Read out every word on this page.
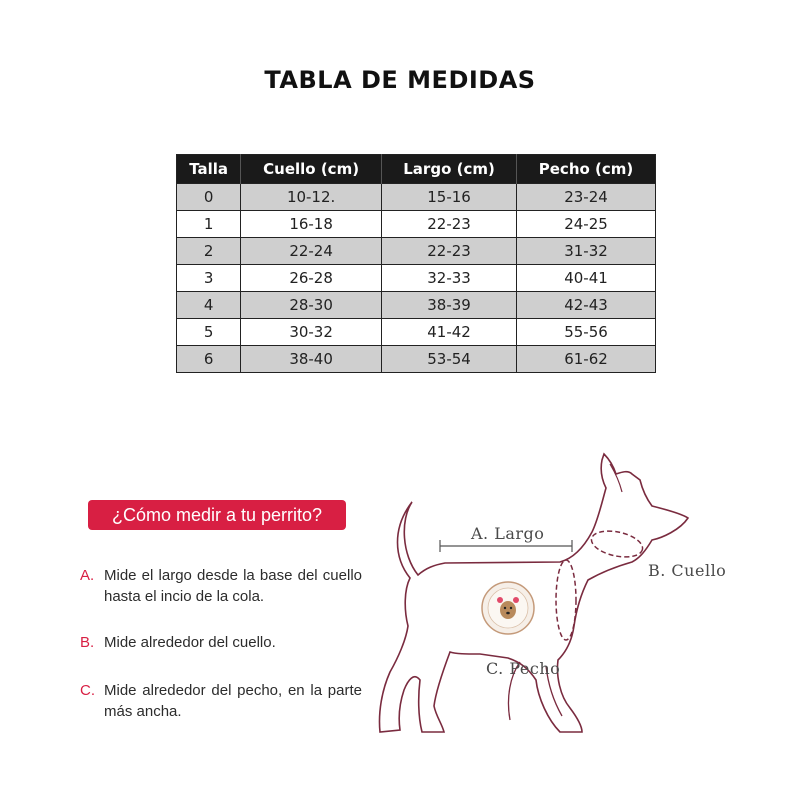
TABLA DE MEDIDAS
Talla	Cuello (cm)	Largo (cm)	Pecho (cm)
0	10-12.	15-16	23-24
1	16-18	22-23	24-25
2	22-24	22-23	31-32
3	26-28	32-33	40-41
4	28-30	38-39	42-43
5	30-32	41-42	55-56
6	38-40	53-54	61-62
¿Cómo medir a tu perrito?
A. Mide el largo desde la base del cuello hasta el incio de la cola.
B. Mide alrededor del cuello.
C. Mide alrededor del pecho, en la parte más ancha.
A. Largo
B. Cuello
C. Pecho
